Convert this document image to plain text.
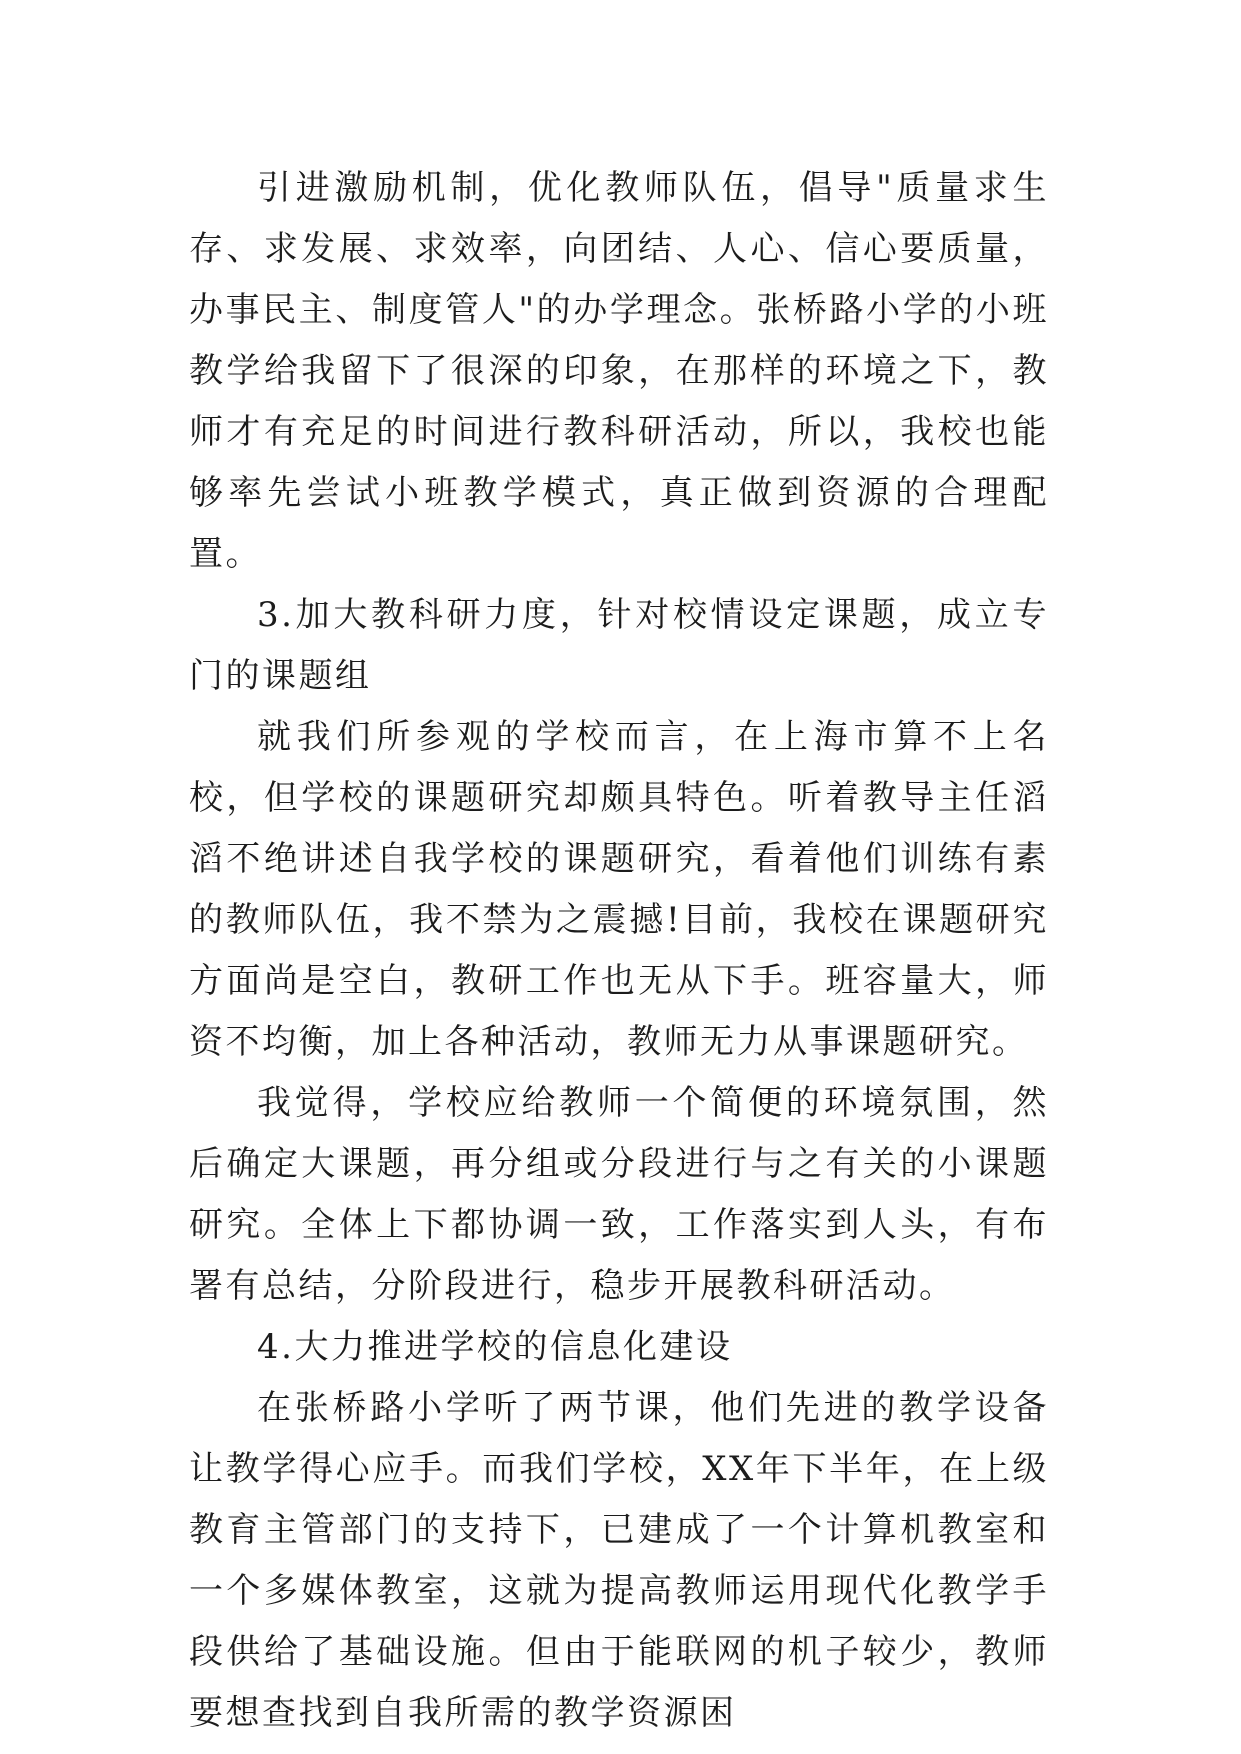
引进激励机制，优化教师队伍，倡导"质量求生存、求发展、求效率，向团结、人心、信心要质量，办事民主、制度管人"的办学理念。张桥路小学的小班教学给我留下了很深的印象，在那样的环境之下，教师才有充足的时间进行教科研活动，所以，我校也能够率先尝试小班教学模式，真正做到资源的合理配置。

3.加大教科研力度，针对校情设定课题，成立专门的课题组

就我们所参观的学校而言，在上海市算不上名校，但学校的课题研究却颇具特色。听着教导主任滔滔不绝讲述自我学校的课题研究，看着他们训练有素的教师队伍，我不禁为之震撼!目前，我校在课题研究方面尚是空白，教研工作也无从下手。班容量大，师资不均衡，加上各种活动，教师无力从事课题研究。

我觉得，学校应给教师一个简便的环境氛围，然后确定大课题，再分组或分段进行与之有关的小课题研究。全体上下都协调一致，工作落实到人头，有布署有总结，分阶段进行，稳步开展教科研活动。

4.大力推进学校的信息化建设

在张桥路小学听了两节课，他们先进的教学设备让教学得心应手。而我们学校，XX年下半年，在上级教育主管部门的支持下，已建成了一个计算机教室和一个多媒体教室，这就为提高教师运用现代化教学手段供给了基础设施。但由于能联网的机子较少，教师要想查找到自我所需的教学资源困
